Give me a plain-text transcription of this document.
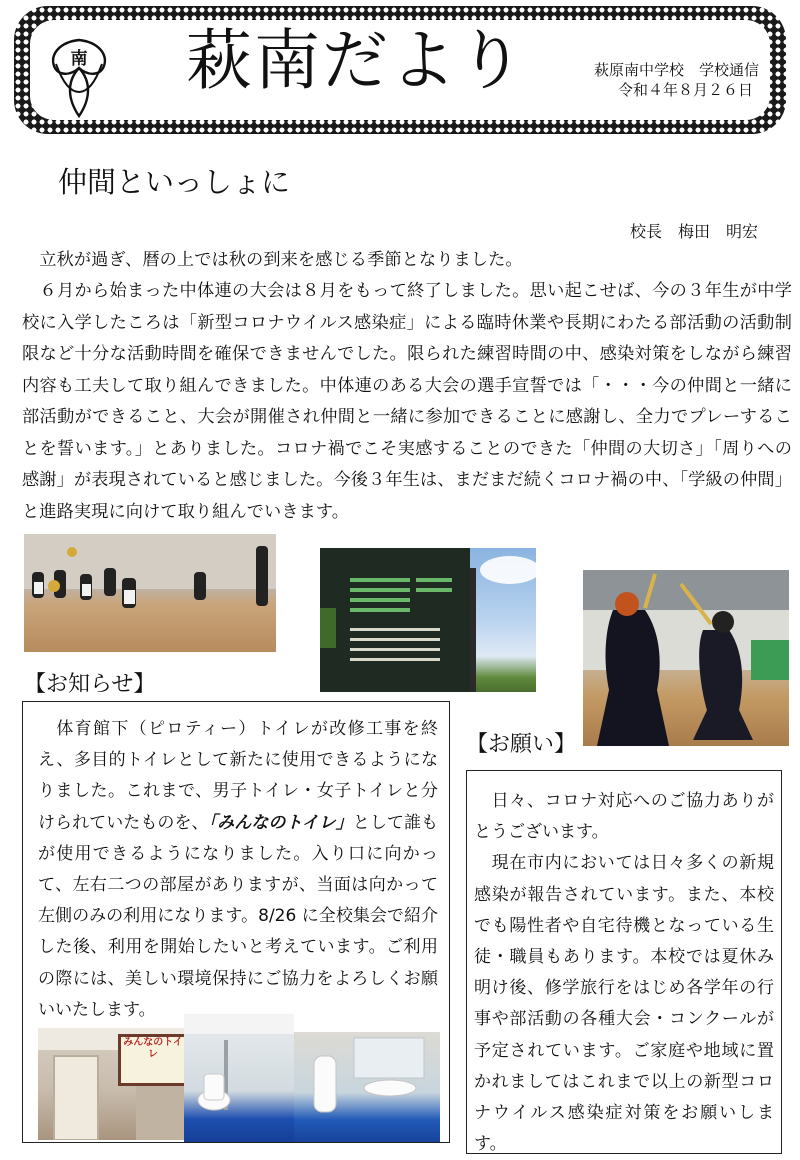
南 萩南だより	萩原南中学校　学校通信
令和４年８月２６日
仲間といっしょに
校長　梅田　明宏
　立秋が過ぎ、暦の上では秋の到来を感じる季節となりました。
　６月から始まった中体連の大会は８月をもって終了しました。思い起こせば、今の３年生が中学校に入学したころは「新型コロナウイルス感染症」による臨時休業や長期にわたる部活動の活動制限など十分な活動時間を確保できませんでした。限られた練習時間の中、感染対策をしながら練習内容も工夫して取り組んできました。中体連のある大会の選手宣誓では「・・・今の仲間と一緒に部活動ができること、大会が開催され仲間と一緒に参加できることに感謝し、全力でプレーすることを誓います。」とありました。コロナ禍でこそ実感することのできた「仲間の大切さ」「周りへの感謝」が表現されていると感じました。今後３年生は、まだまだ続くコロナ禍の中、「学級の仲間」と進路実現に向けて取り組んでいきます。
【お知らせ】
　体育館下（ピロティー）トイレが改修工事を終え、多目的トイレとして新たに使用できるようになりました。これまで、男子トイレ・女子トイレと分けられていたものを、「みんなのトイレ」として誰もが使用できるようになりました。入り口に向かって、左右二つの部屋がありますが、当面は向かって左側のみの利用になります。8/26 に全校集会で紹介した後、利用を開始したいと考えています。ご利用の際には、美しい環境保持にご協力をよろしくお願いいたします。
みんなのトイレ
【お願い】
　日々、コロナ対応へのご協力ありがとうございます。
　現在市内においては日々多くの新規感染が報告されています。また、本校でも陽性者や自宅待機となっている生徒・職員もあります。本校では夏休み明け後、修学旅行をはじめ各学年の行事や部活動の各種大会・コンクールが予定されています。ご家庭や地域に置かれましてはこれまで以上の新型コロナウイルス感染症対策をお願いします。
